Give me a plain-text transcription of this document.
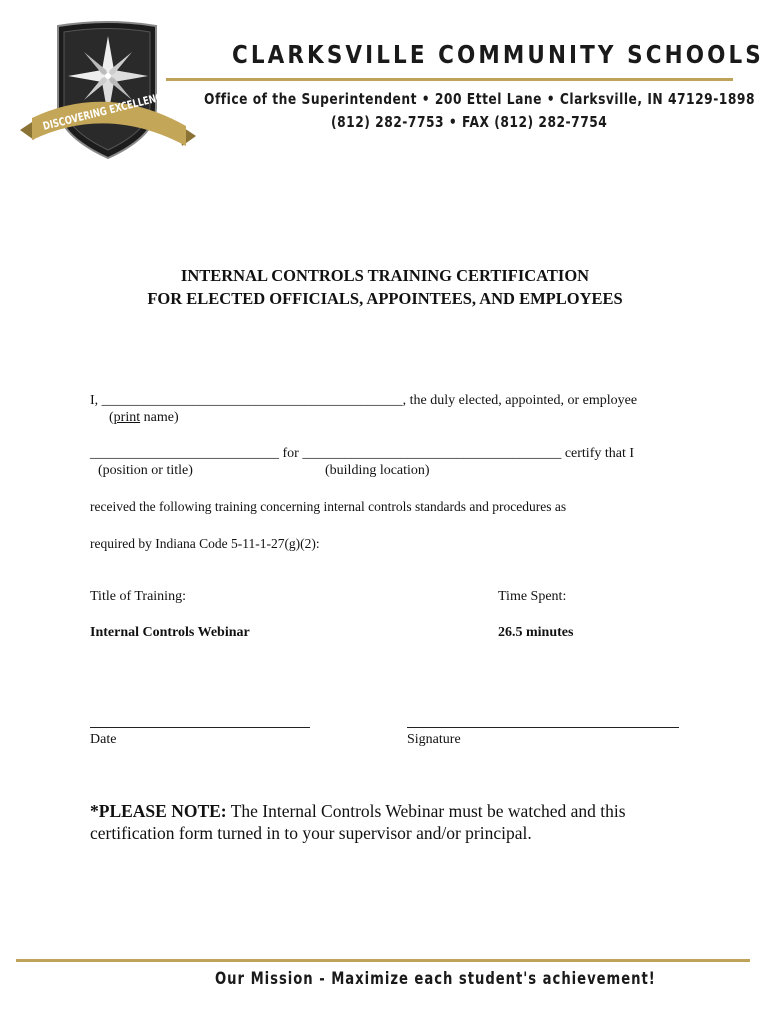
DISCOVERING EXCELLENCE
CLARKSVILLE COMMUNITY SCHOOLS
Office of the Superintendent • 200 Ettel Lane • Clarksville, IN 47129-1898
(812) 282-7753 • FAX (812) 282-7754
INTERNAL CONTROLS TRAINING CERTIFICATION
FOR ELECTED OFFICIALS, APPOINTEES, AND EMPLOYEES
I, ___________________________________________, the duly elected, appointed, or employee
(print name)
___________________________ for _____________________________________ certify that I
(position or title)	(building location)
received the following training concerning internal controls standards and procedures as
required by Indiana Code 5-11-1-27(g)(2):
Title of Training:	Time Spent:
Internal Controls Webinar	26.5 minutes
Date	Signature
*PLEASE NOTE: The Internal Controls Webinar must be watched and this certification form turned in to your supervisor and/or principal.
Our Mission - Maximize each student's achievement!
